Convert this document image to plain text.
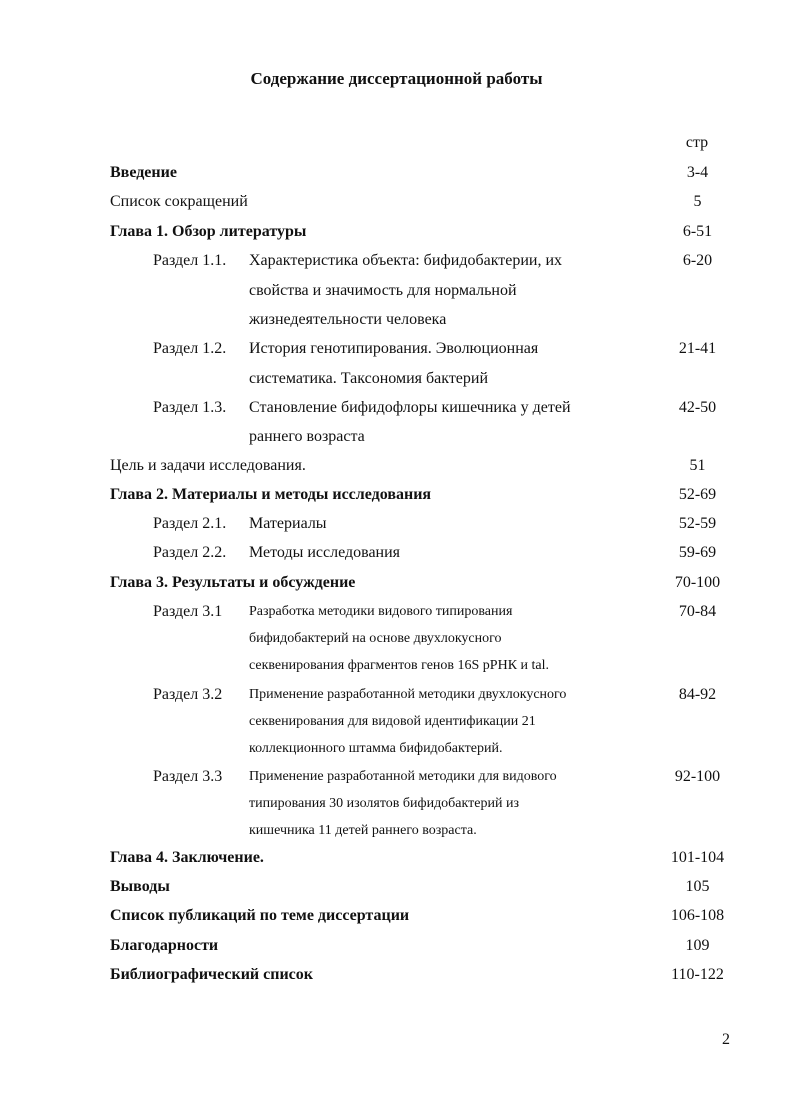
Содержание диссертационной работы
стр
Введение	3-4
Список сокращений	5
Глава 1. Обзор литературы	6-51
Раздел 1.1. Характеристика объекта: бифидобактерии, их	6-20
свойства и значимость для нормальной
жизнедеятельности человека
Раздел 1.2. История генотипирования. Эволюционная	21-41
систематика. Таксономия бактерий
Раздел 1.3. Становление бифидофлоры кишечника у детей	42-50
раннего возраста
Цель и задачи исследования.	51
Глава 2. Материалы и методы исследования	52-69
Раздел 2.1. Материалы	52-59
Раздел 2.2. Методы исследования	59-69
Глава 3. Результаты и обсуждение	70-100
Раздел 3.1 Разработка методики видового типирования	70-84
бифидобактерий на основе двухлокусного
секвенирования фрагментов генов 16S рРНК и tal.
Раздел 3.2 Применение разработанной методики двухлокусного	84-92
секвенирования для видовой идентификации 21
коллекционного штамма бифидобактерий.
Раздел 3.3 Применение разработанной методики для видового	92-100
типирования 30 изолятов бифидобактерий из
кишечника 11 детей раннего возраста.
Глава 4. Заключение.	101-104
Выводы	105
Список публикаций по теме диссертации	106-108
Благодарности	109
Библиографический список	110-122
2
